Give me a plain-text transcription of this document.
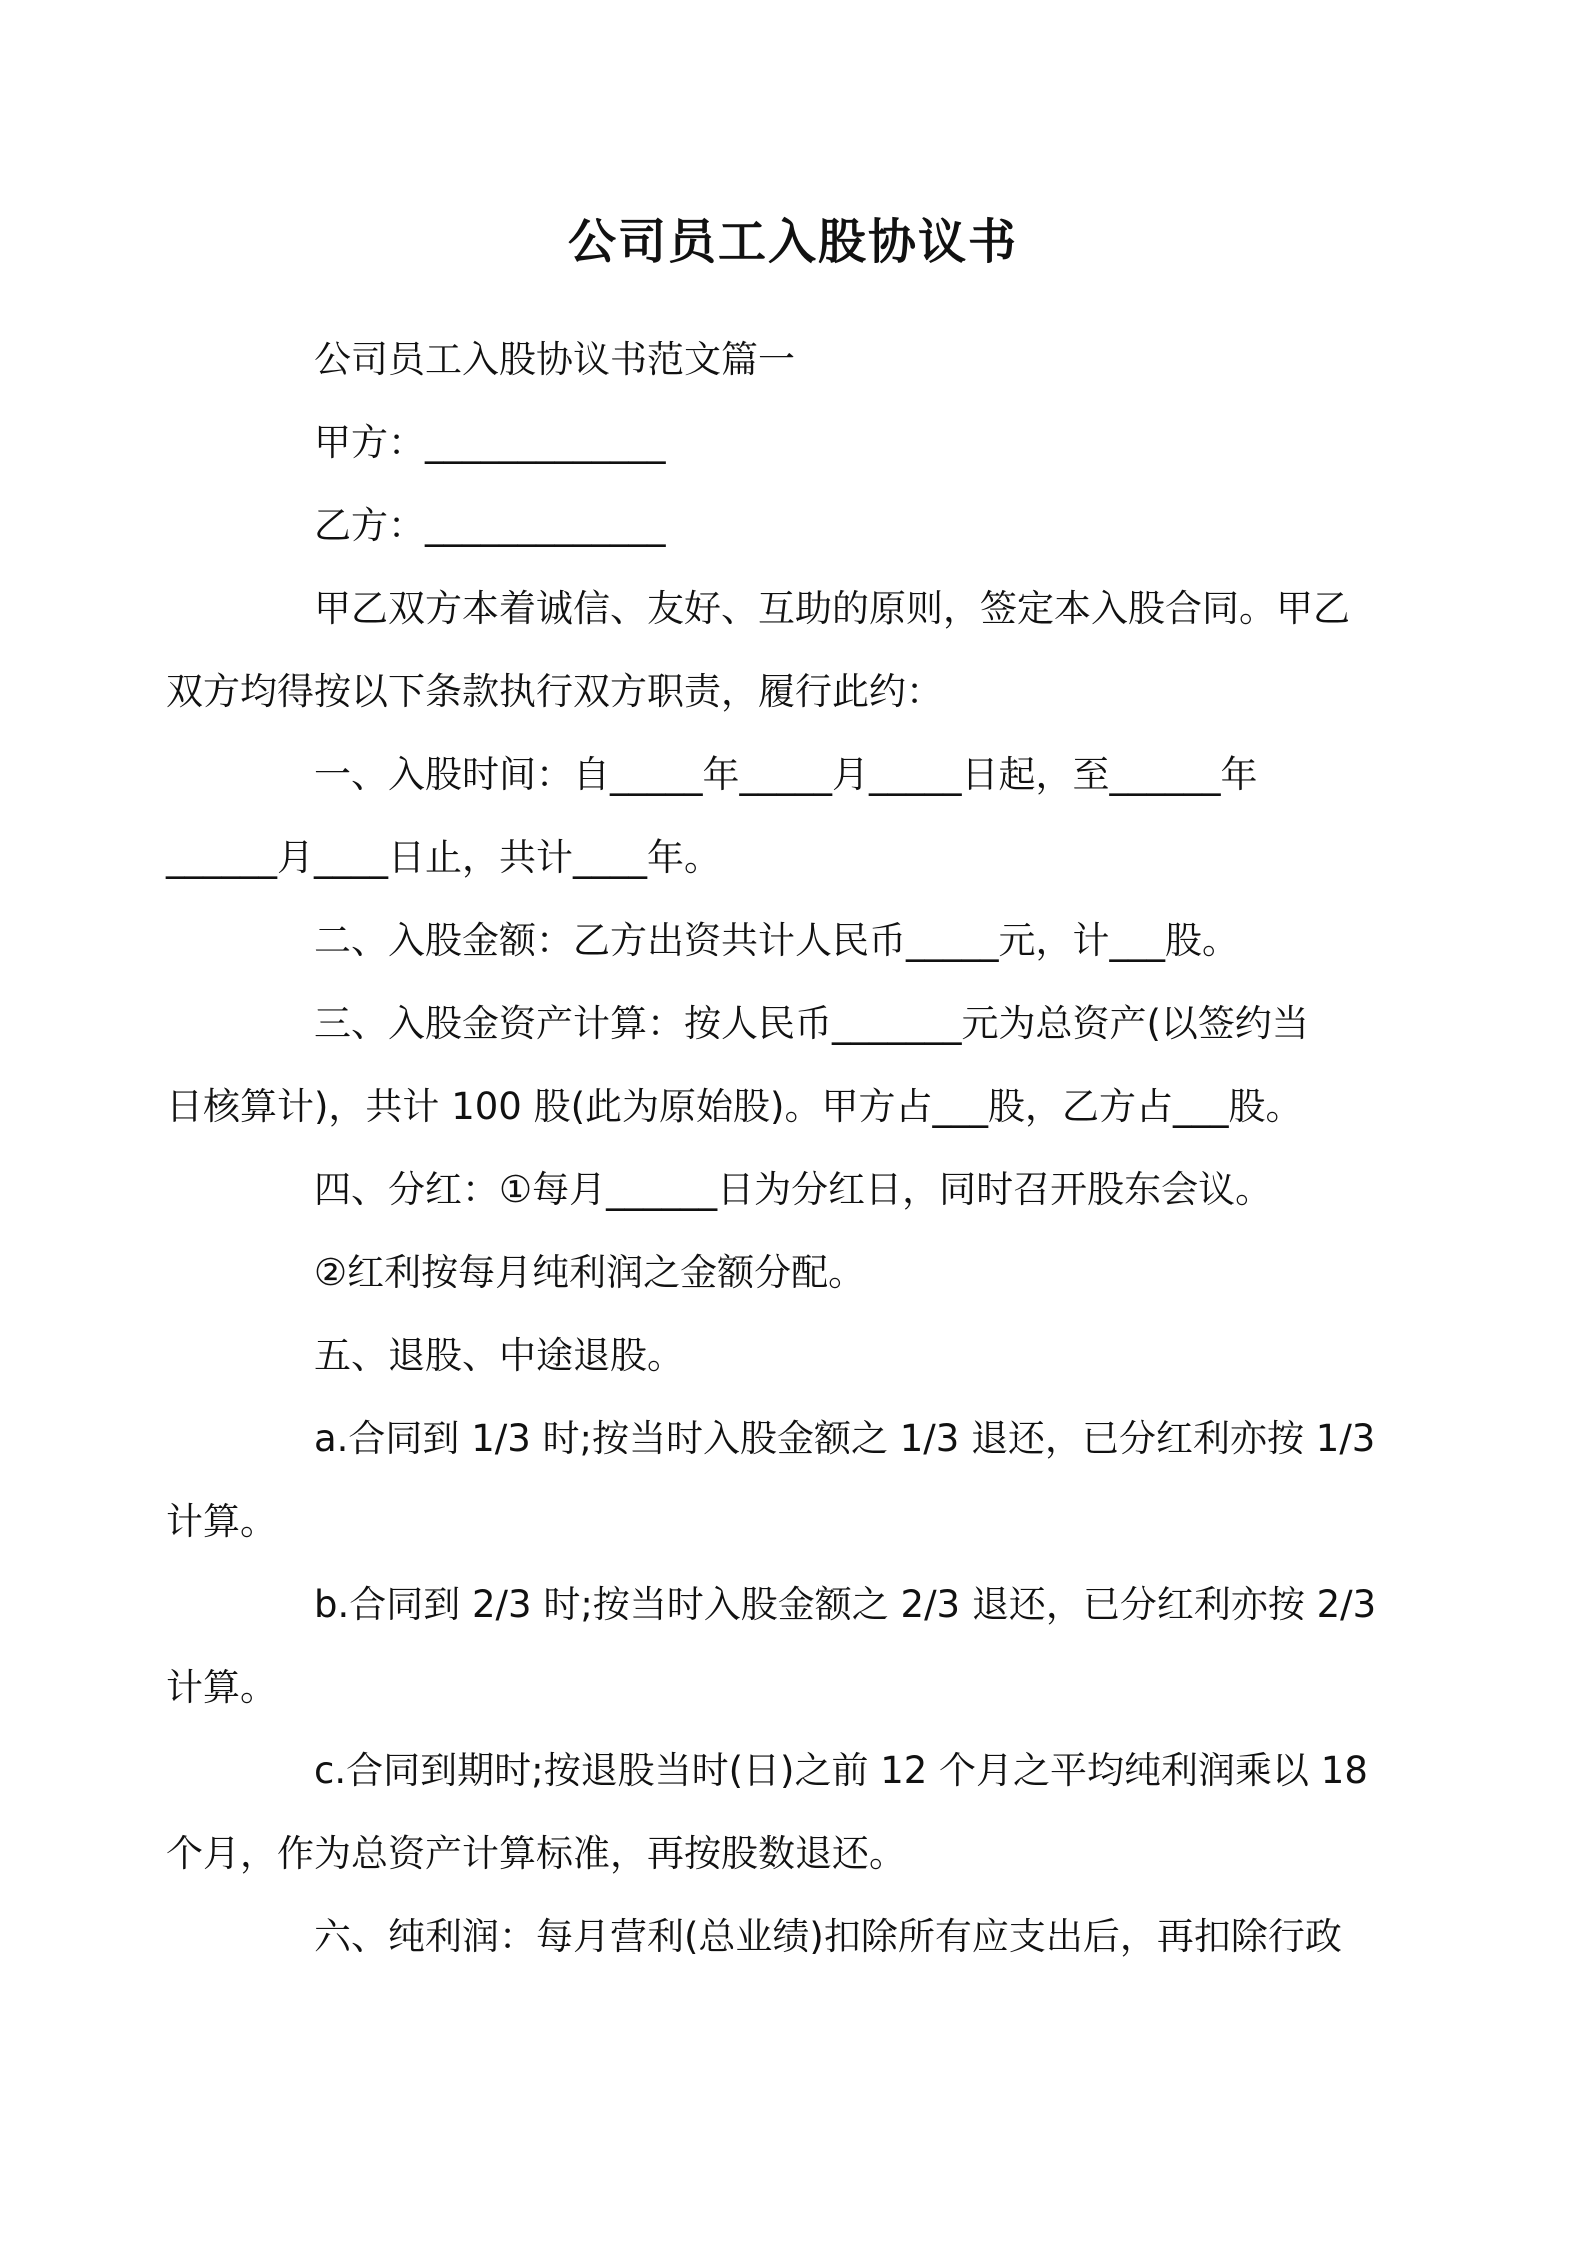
公司员工入股协议书
公司员工入股协议书范文篇一
甲方：_____________
乙方：_____________
甲乙双方本着诚信、友好、互助的原则，签定本入股合同。甲乙
双方均得按以下条款执行双方职责，履行此约：
一、入股时间：自_____年_____月_____日起，至______年
______月____日止，共计____年。
二、入股金额：乙方出资共计人民币_____元，计___股。
三、入股金资产计算：按人民币_______元为总资产(以签约当
日核算计)，共计 100 股(此为原始股)。甲方占___股，乙方占___股。
四、分红：①每月______日为分红日，同时召开股东会议。
②红利按每月纯利润之金额分配。
五、退股、中途退股。
a.合同到 1/3 时;按当时入股金额之 1/3 退还，已分红利亦按 1/3
计算。
b.合同到 2/3 时;按当时入股金额之 2/3 退还，已分红利亦按 2/3
计算。
c.合同到期时;按退股当时(日)之前 12 个月之平均纯利润乘以 18
个月，作为总资产计算标准，再按股数退还。
六、纯利润：每月营利(总业绩)扣除所有应支出后，再扣除行政
